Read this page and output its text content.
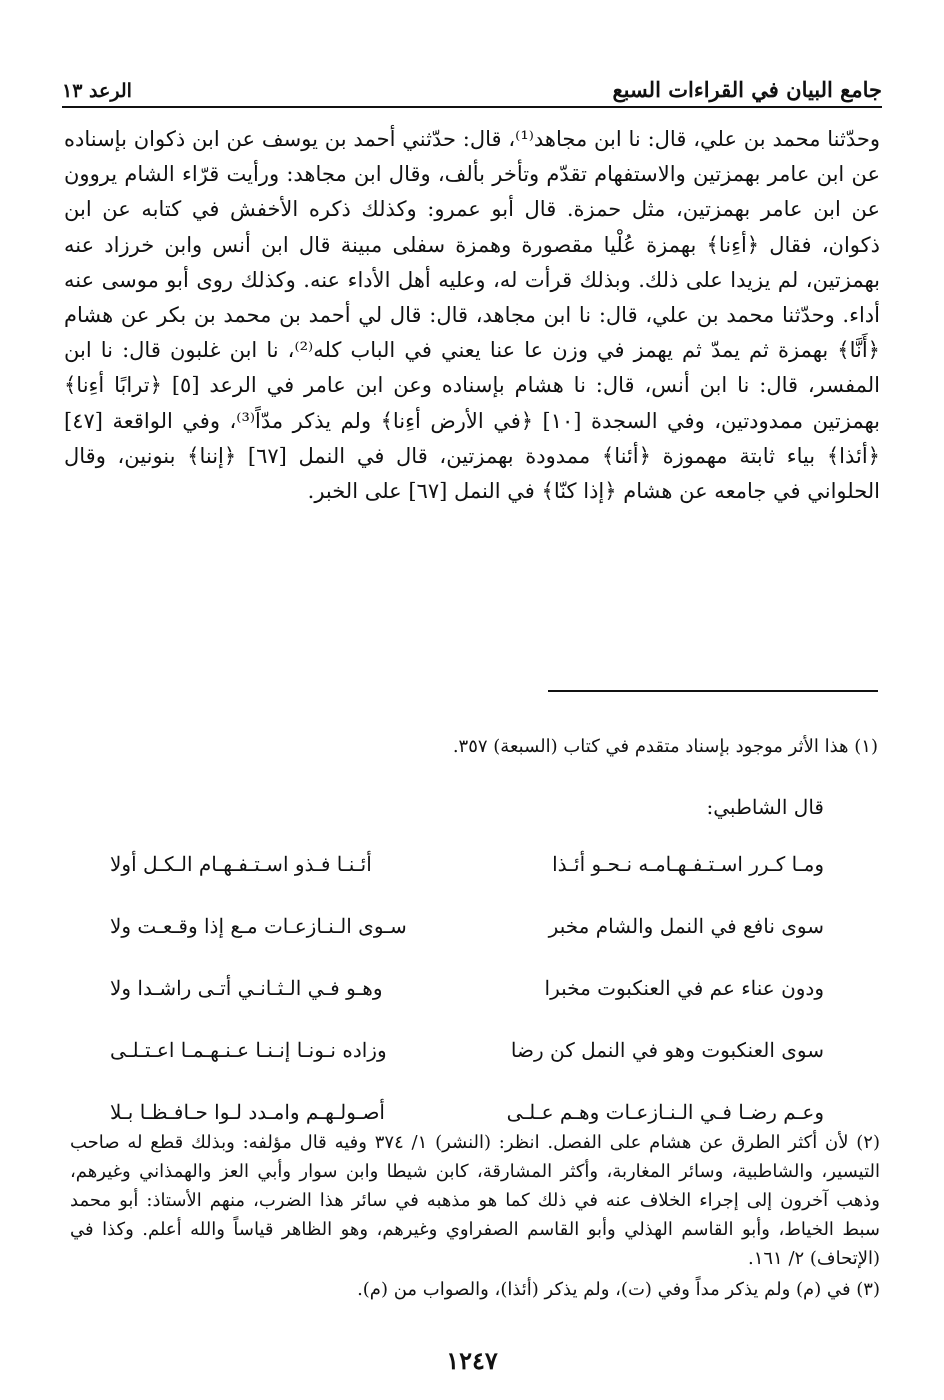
جامع البيان في القراءات السبع
الرعد ١٣

وحدّثنا محمد بن علي، قال: نا ابن مجاهد⁽¹⁾، قال: حدّثني أحمد بن يوسف عن ابن ذكوان بإسناده عن ابن عامر بهمزتين والاستفهام تقدّم وتأخر بألف، وقال ابن مجاهد: ورأيت قرّاء الشام يروون عن ابن عامر بهمزتين، مثل حمزة. قال أبو عمرو: وكذلك ذكره الأخفش في كتابه عن ابن ذكوان، فقال ﴿أءِنا﴾ بهمزة عُلْيا مقصورة وهمزة سفلى مبينة قال ابن أنس وابن خرزاد عنه بهمزتين، لم يزيدا على ذلك. وبذلك قرأت له، وعليه أهل الأداء عنه. وكذلك روى أبو موسى عنه أداء. وحدّثنا محمد بن علي، قال: نا ابن مجاهد، قال: قال لي أحمد بن محمد بن بكر عن هشام ﴿أَنَّا﴾ بهمزة ثم يمدّ ثم يهمز في وزن عا عنا يعني في الباب كله⁽²⁾، نا ابن غلبون قال: نا ابن المفسر، قال: نا ابن أنس، قال: نا هشام بإسناده وعن ابن عامر في الرعد [٥] ﴿ترابًا أءِنا﴾ بهمزتين ممدودتين، وفي السجدة [١٠] ﴿في الأرض أءِنا﴾ ولم يذكر مدّاً⁽³⁾، وفي الواقعة [٤٧] ﴿أئذا﴾ بياء ثابتة مهموزة ﴿أئنا﴾ ممدودة بهمزتين، قال في النمل [٦٧] ﴿إننا﴾ بنونين، وقال الحلواني في جامعه عن هشام ﴿إذا كنّا﴾ في النمل [٦٧] على الخبر.

(١) هذا الأثر موجود بإسناد متقدم في كتاب (السبعة) ٣٥٧.

قال الشاطبي:
ومـا كـرر اسـتـفـهـامـه نـحـو أئـذا
أئـنـا فـذو اسـتـفـهـام الـكـل أولا
سوى نافع في النمل والشام مخبر
سـوى الـنـازعـات مـع إذا وقـعـت ولا
ودون عناء عم في العنكبوت مخبرا
وهـو فـي الـثـانـي أتـى راشـدا ولا
سوى العنكبوت وهو في النمل كن رضا
وزاده نـونـا إنـنـا عـنـهـمـا اعـتـلـى
وعـم رضـا فـي الـنـازعـات وهـم عـلـى
أصـولـهـم وامـدد لـوا حـافـظـا بـلا

(٢) لأن أكثر الطرق عن هشام على الفصل. انظر: (النشر) ١/ ٣٧٤ وفيه قال مؤلفه: وبذلك قطع له صاحب التيسير، والشاطبية، وسائر المغاربة، وأكثر المشارقة، كابن شيطا وابن سوار وأبي العز والهمذاني وغيرهم، وذهب آخرون إلى إجراء الخلاف عنه في ذلك كما هو مذهبه في سائر هذا الضرب، منهم الأستاذ: أبو محمد سبط الخياط، وأبو القاسم الهذلي وأبو القاسم الصفراوي وغيرهم، وهو الظاهر قياساً والله أعلم. وكذا في (الإتحاف) ٢/ ١٦١.

(٣) في (م) ولم يذكر مداً وفي (ت)، ولم يذكر (أئذا)، والصواب من (م).

١٢٤٧
